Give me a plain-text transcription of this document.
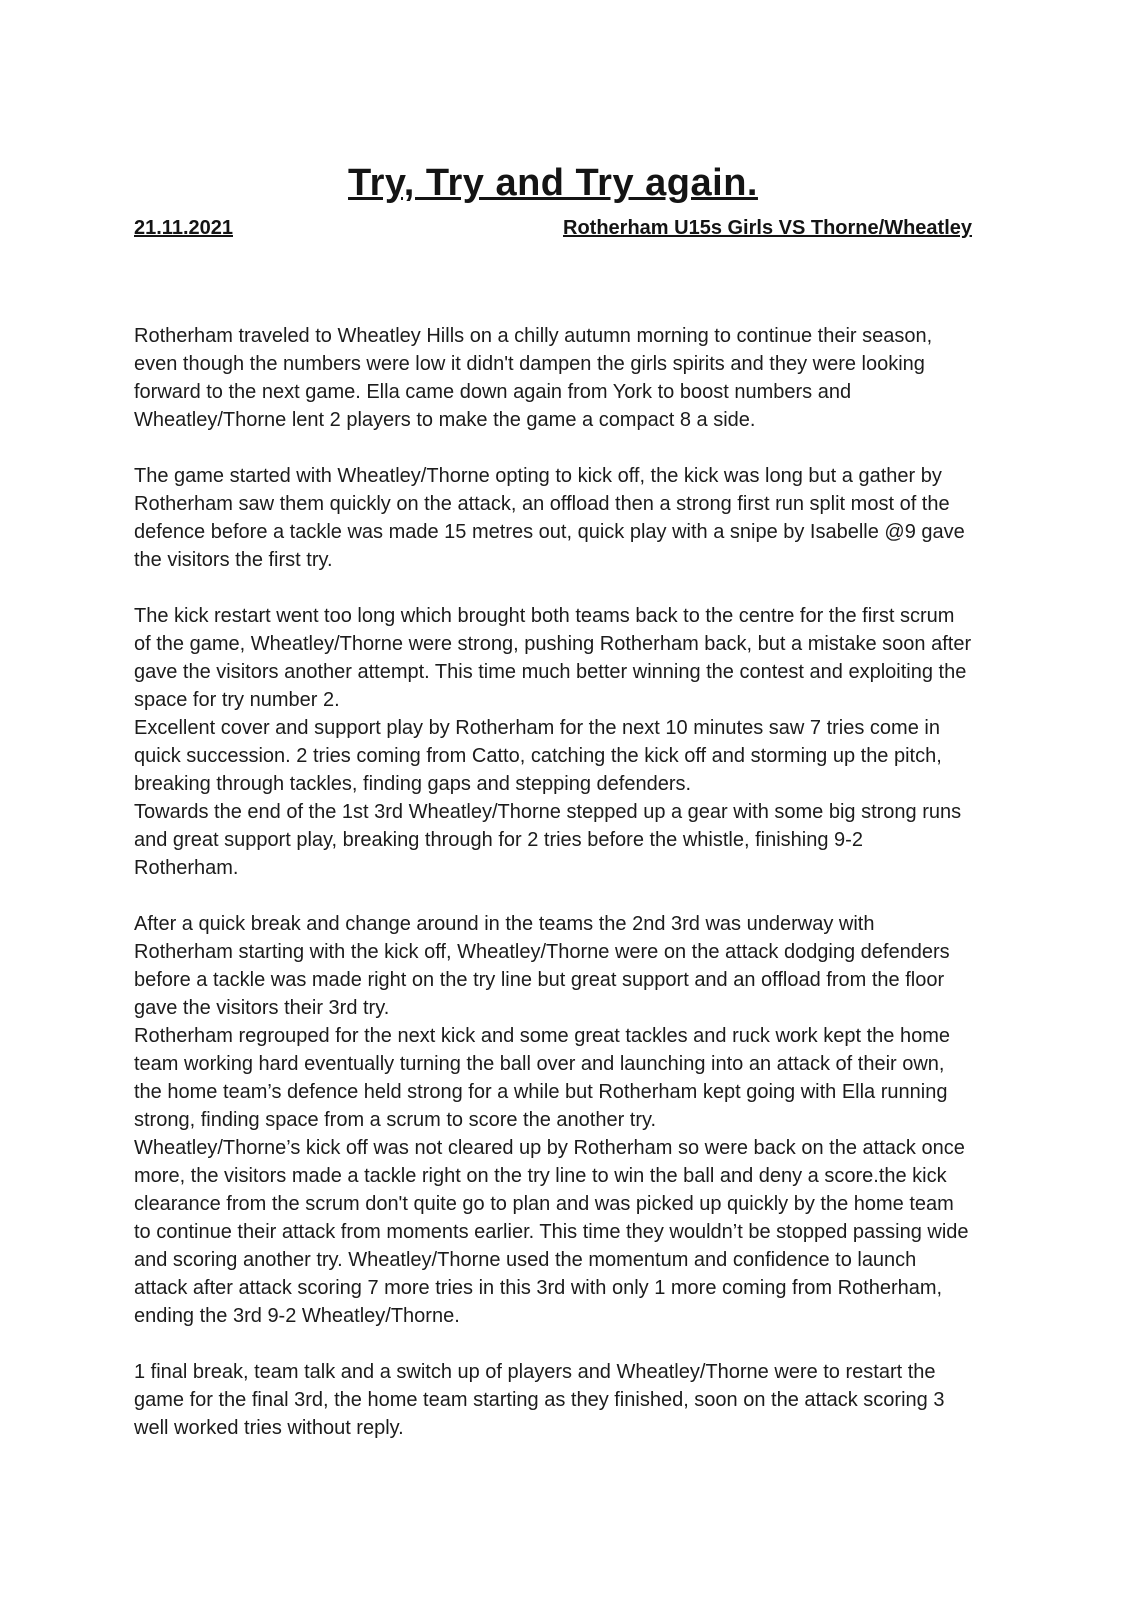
Try, Try and Try again.
21.11.2021	Rotherham U15s Girls VS Thorne/Wheatley

Rotherham traveled to Wheatley Hills on a chilly autumn morning to continue their season, even though the numbers were low it didn't dampen the girls spirits and they were looking forward to the next game. Ella came down again from York to boost numbers and Wheatley/Thorne lent 2 players to make the game a compact 8 a side.

The game started with Wheatley/Thorne opting to kick off, the kick was long but a gather by Rotherham saw them quickly on the attack, an offload then a strong first run split most of the defence before a tackle was made 15 metres out, quick play with a snipe by Isabelle @9 gave the visitors the first try.

The kick restart went too long which brought both teams back to the centre for the first scrum of the game, Wheatley/Thorne were strong, pushing Rotherham back, but a mistake soon after gave the visitors another attempt. This time much better winning the contest and exploiting the space for try number 2.

Excellent cover and support play by Rotherham for the next 10 minutes saw 7 tries come in quick succession. 2 tries coming from Catto, catching the kick off and storming up the pitch, breaking through tackles, finding gaps and stepping defenders.

Towards the end of the 1st 3rd Wheatley/Thorne stepped up a gear with some big strong runs and great support play, breaking through for 2 tries before the whistle, finishing 9-2 Rotherham.

After a quick break and change around in the teams the 2nd 3rd was underway with Rotherham starting with the kick off, Wheatley/Thorne were on the attack dodging defenders before a tackle was made right on the try line but great support and an offload from the floor gave the visitors their 3rd try.

Rotherham regrouped for the next kick and some great tackles and ruck work kept the home team working hard eventually turning the ball over and launching into an attack of their own, the home team’s defence held strong for a while but Rotherham kept going with Ella running strong, finding space from a scrum to score the another try.

Wheatley/Thorne’s kick off was not cleared up by Rotherham so were back on the attack once more, the visitors made a tackle right on the try line to win the ball and deny a score.the kick clearance from the scrum don't quite go to plan and was picked up quickly by the home team to continue their attack from moments earlier. This time they wouldn’t be stopped passing wide and scoring another try. Wheatley/Thorne used the momentum and confidence to launch attack after attack scoring 7 more tries in this 3rd with only 1 more coming from Rotherham, ending the 3rd 9-2 Wheatley/Thorne.

1 final break, team talk and a switch up of players and Wheatley/Thorne were to restart the game for the final 3rd, the home team starting as they finished, soon on the attack scoring 3 well worked tries without reply.
